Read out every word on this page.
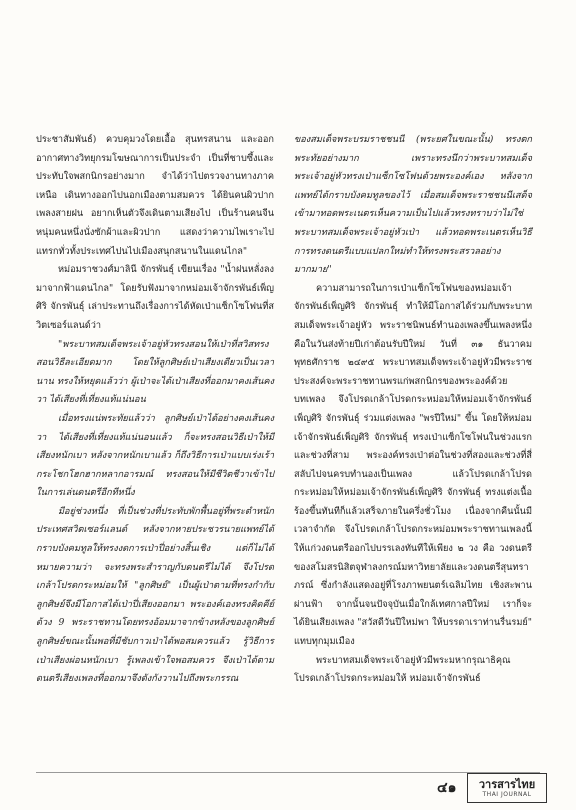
ประชาสัมพันธ์) ควบคุมวงโดยเอื้อ สุนทรสนาน และออกอากาศทางวิทยุกรมโฆษณาการเป็นประจำ เป็นที่ชาบซึ้งและประทับใจพสกนิกรอย่างมาก จำได้ว่าไปตรวจงานทางภาคเหนือ เดินทางออกไปนอกเมืองตามสมควร ได้ยินคนผิวปากเพลงสายฝน อยากเห็นตัวจึงเดินตามเสียงไป เป็นร้านคนจีน หนุ่มคนหนึ่งนั่งซักผ้าและผิวปาก แสดงว่าความไพเราะไปแทรกทั่วทั้งประเทศไปนไปเมืองสนุกสนานในแดนไกล"

หม่อมราชวงศ์มาลินี จักรพันธุ์ เขียนเรื่อง "น้ำฝนหลั่งลงมาจากฟ้าแดนไกล" โดยรับฟังมาจากหม่อมเจ้าจักรพันธ์เพ็ญศิริ จักรพันธุ์ เล่าประทานถึงเรื่องการได้หัดเป่าแซ็กโซโฟนที่สวิตเซอร์แลนด์ว่า

"พระบาทสมเด็จพระเจ้าอยู่หัวทรงสอนให้เป่าที่สวิสทรงสอนวิธีละเอียดมาก โดยให้ลูกศิษย์เป่าเสียงเดียวเป็นเวลานาน ทรงให้หยุดแล้วว่า ผู้เป่าจะได้เป่าเสียงที่ออกมาคงเส้นคงวา ได้เสียงที่เที่ยงแท้แน่นอน

เมื่อทรงแน่พระทัยแล้วว่า ลูกศิษย์เป่าได้อย่างคงเส้นคงวา ได้เสียงที่เที่ยงแท้แน่นอนแล้ว ก็จะทรงสอนวิธีเป่าให้มีเสียงหนักเบา หลังจากหนักเบาแล้ว ก็ถึงวิธีการเป่าแบบเร่งเร้า กระโชกโฮกฮากหลากอารมณ์ ทรงสอนให้มีชีวิตชีวาเข้าไปในการเล่นดนตรีอีกทีหนึ่ง

มีอยู่ช่วงหนึ่ง ที่เป็นช่วงที่ประทับพักพื้นอยู่ที่พระตำหนัก ประเทศสวิตเซอร์แลนด์ หลังจากหายประชวรนายแพทย์ได้กราบบังคมทูลให้ทรงงดการเป่าปี่อย่างสิ้นเชิง แต่ก็ไม่ได้หมายความว่า จะทรงพระสำราญกับดนตรีไม่ได้ จึงโปรดเกล้าโปรดกระหม่อมให้ "ลูกศิษย์" เป็นผู้เป่าตามที่ทรงกำกับ ลูกศิษย์จึงมีโอกาสได้เป่าปี่เสียงออกมา พระองค์เองทรงคิดคีย์ด้วง 9 พระราชทานโดยทรงอ้อมมาจากข้างหลังของลูกศิษย์ ลูกศิษย์ขณะนั้นพอที่มีชับกาวเป่าได้พอสมควรแล้ว รู้วิธีการเป่าเสียงผ่อนหนักเบา รู้เพลงเข้าใจพอสมควร จึงเป่าได้ตามดนตรีเสียงเพลงที่ออกมาจึงดังกังวานไปถึงพระกรรณ

ของสมเด็จพระบรมราชชนนี (พระยศในขณะนั้น) ทรงตกพระทัยอย่างมาก เพราะทรงนึกว่าพระบาทสมเด็จพระเจ้าอยู่หัวทรงเป่าแซ็กโซโฟนด้วยพระองค์เอง หลังจากแพทย์ได้กราบบังคมทูลของไว้ เมื่อสมเด็จพระราชชนนีเสด็จ เข้ามาทอดพระเนตรเห็นความเป็นไปแล้วทรงทราบว่าไม่ใช่พระบาทสมเด็จพระเจ้าอยู่หัวเป่า แล้วทอดพระเนตรเห็นวิธีการทรงดนตรีแบบแปลกใหม่ทำให้ทรงพระสรวลอย่างมากมาย"

ความสามารถในการเป่าแซ็กโซโฟนของหม่อมเจ้าจักรพันธ์เพ็ญศิริ จักรพันธุ์ ทำให้มีโอกาสได้ร่วมกับพระบาทสมเด็จพระเจ้าอยู่หัว พระราชนิพนธ์ทำนองเพลงขึ้นเพลงหนึ่ง คือในวันส่งท้ายปีเก่าต้อนรับปีใหม่ วันที่ ๓๑ ธันวาคม พุทธศักราช ๒๔๙๕ พระบาทสมเด็จพระเจ้าอยู่หัวมีพระราชประสงค์จะพระราชทานพรแก่พสกนิกรของพระองค์ด้วยบทเพลง จึงโปรดเกล้าโปรดกระหม่อมให้หม่อมเจ้าจักรพันธ์เพ็ญศิริ จักรพันธุ์ ร่วมแต่งเพลง "พรปีใหม่" ขึ้น โดยให้หม่อมเจ้าจักรพันธ์เพ็ญศิริ จักรพันธุ์ ทรงเป่าแซ็กโซโฟนในช่วงแรกและช่วงที่สาม พระองค์ทรงเป่าต่อในช่วงที่สองและช่วงที่สี่ สลับไปจนครบทำนองเป็นเพลง แล้วโปรดเกล้าโปรดกระหม่อมให้หม่อมเจ้าจักรพันธ์เพ็ญศิริ จักรพันธุ์ ทรงแต่งเนื้อร้องขึ้นทันทีก็แล้วเสร็จภายในครึ่งชั่วโมง เนื่องจากคืนนั้นมีเวลาจำกัด จึงโปรดเกล้าโปรดกระหม่อมพระราชทานเพลงนี้ให้แก่วงดนตรีออกไปบรรเลงทันทีให้เพียง ๒ วง คือ วงดนตรีของสโมสรนิสิตจุฬาลงกรณ์มหาวิทยาลัยและวงดนตรีสุนทราภรณ์ ซึ่งกำลังแสดงอยู่ที่โรงภาพยนตร์เฉลิมไทย เชิงสะพานผ่านฟ้า จากนั้นจนปัจจุบันเมื่อใกล้เทศกาลปีใหม่ เราก็จะได้ยินเสียงเพลง "สวัสดีวันปีใหม่พา ให้บรรดาเราท่านรื่นรมย์" แทบทุกมุมเมือง

พระบาทสมเด็จพระเจ้าอยู่หัวมีพระมหากรุณาธิคุณโปรดเกล้าโปรดกระหม่อมให้ หม่อมเจ้าจักรพันธ์

๔๑ วารสารไทย
THAI JOURNAL
